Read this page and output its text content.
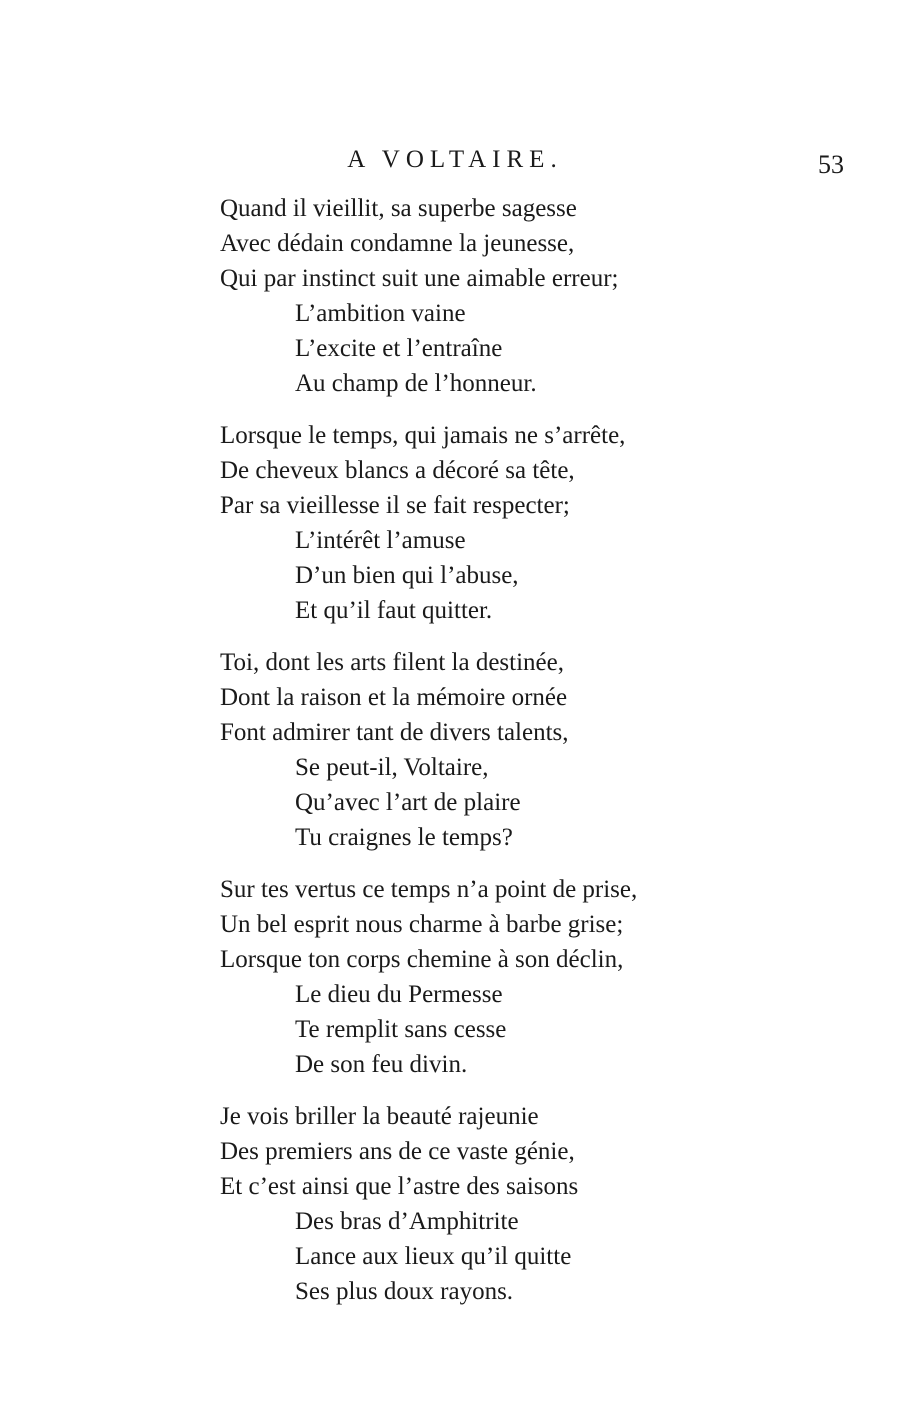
A VOLTAIRE.	53
Quand il vieillit, sa superbe sagesse
Avec dédain condamne la jeunesse,
Qui par instinct suit une aimable erreur;
L’ambition vaine
L’excite et l’entraîne
Au champ de l’honneur.
Lorsque le temps, qui jamais ne s’arrête,
De cheveux blancs a décoré sa tête,
Par sa vieillesse il se fait respecter;
L’intérêt l’amuse
D’un bien qui l’abuse,
Et qu’il faut quitter.
Toi, dont les arts filent la destinée,
Dont la raison et la mémoire ornée
Font admirer tant de divers talents,
Se peut-il, Voltaire,
Qu’avec l’art de plaire
Tu craignes le temps?
Sur tes vertus ce temps n’a point de prise,
Un bel esprit nous charme à barbe grise;
Lorsque ton corps chemine à son déclin,
Le dieu du Permesse
Te remplit sans cesse
De son feu divin.
Je vois briller la beauté rajeunie
Des premiers ans de ce vaste génie,
Et c’est ainsi que l’astre des saisons
Des bras d’Amphitrite
Lance aux lieux qu’il quitte
Ses plus doux rayons.
